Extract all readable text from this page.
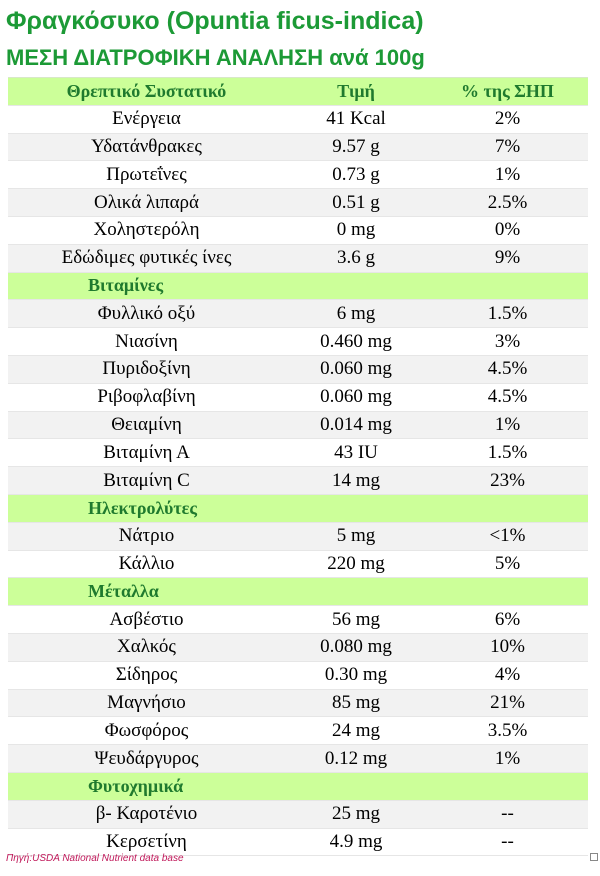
Φραγκόσυκο (Opuntia ficus-indica)
ΜΕΣΗ ΔΙΑΤΡΟΦΙΚΗ ΑΝΑΛΗΣΗ ανά 100g
Θρεπτικό Συστατικό	Τιμή	% της ΣΗΠ
Ενέργεια	41 Kcal	2%
Υδατάνθρακες	9.57 g	7%
Πρωτεΐνες	0.73 g	1%
Ολικά λιπαρά	0.51 g	2.5%
Χοληστερόλη	0 mg	0%
Εδώδιμες φυτικές ίνες	3.6 g	9%
Βιταμίνες		
Φυλλικό οξύ	6 mg	1.5%
Νιασίνη	0.460 mg	3%
Πυριδοξίνη	0.060 mg	4.5%
Ριβοφλαβίνη	0.060 mg	4.5%
Θειαμίνη	0.014 mg	1%
Βιταμίνη Α	43 IU	1.5%
Βιταμίνη C	14 mg	23%
Ηλεκτρολύτες		
Νάτριο	5 mg	<1%
Κάλλιο	220 mg	5%
Μέταλλα		
Ασβέστιο	56 mg	6%
Χαλκός	0.080 mg	10%
Σίδηρος	0.30 mg	4%
Μαγνήσιο	85 mg	21%
Φωσφόρος	24 mg	3.5%
Ψευδάργυρος	0.12 mg	1%
Φυτοχημικά		
β- Καροτένιο	25 mg	--
Κερσετίνη	4.9 mg	--
Πηγή:USDA National Nutrient data base
